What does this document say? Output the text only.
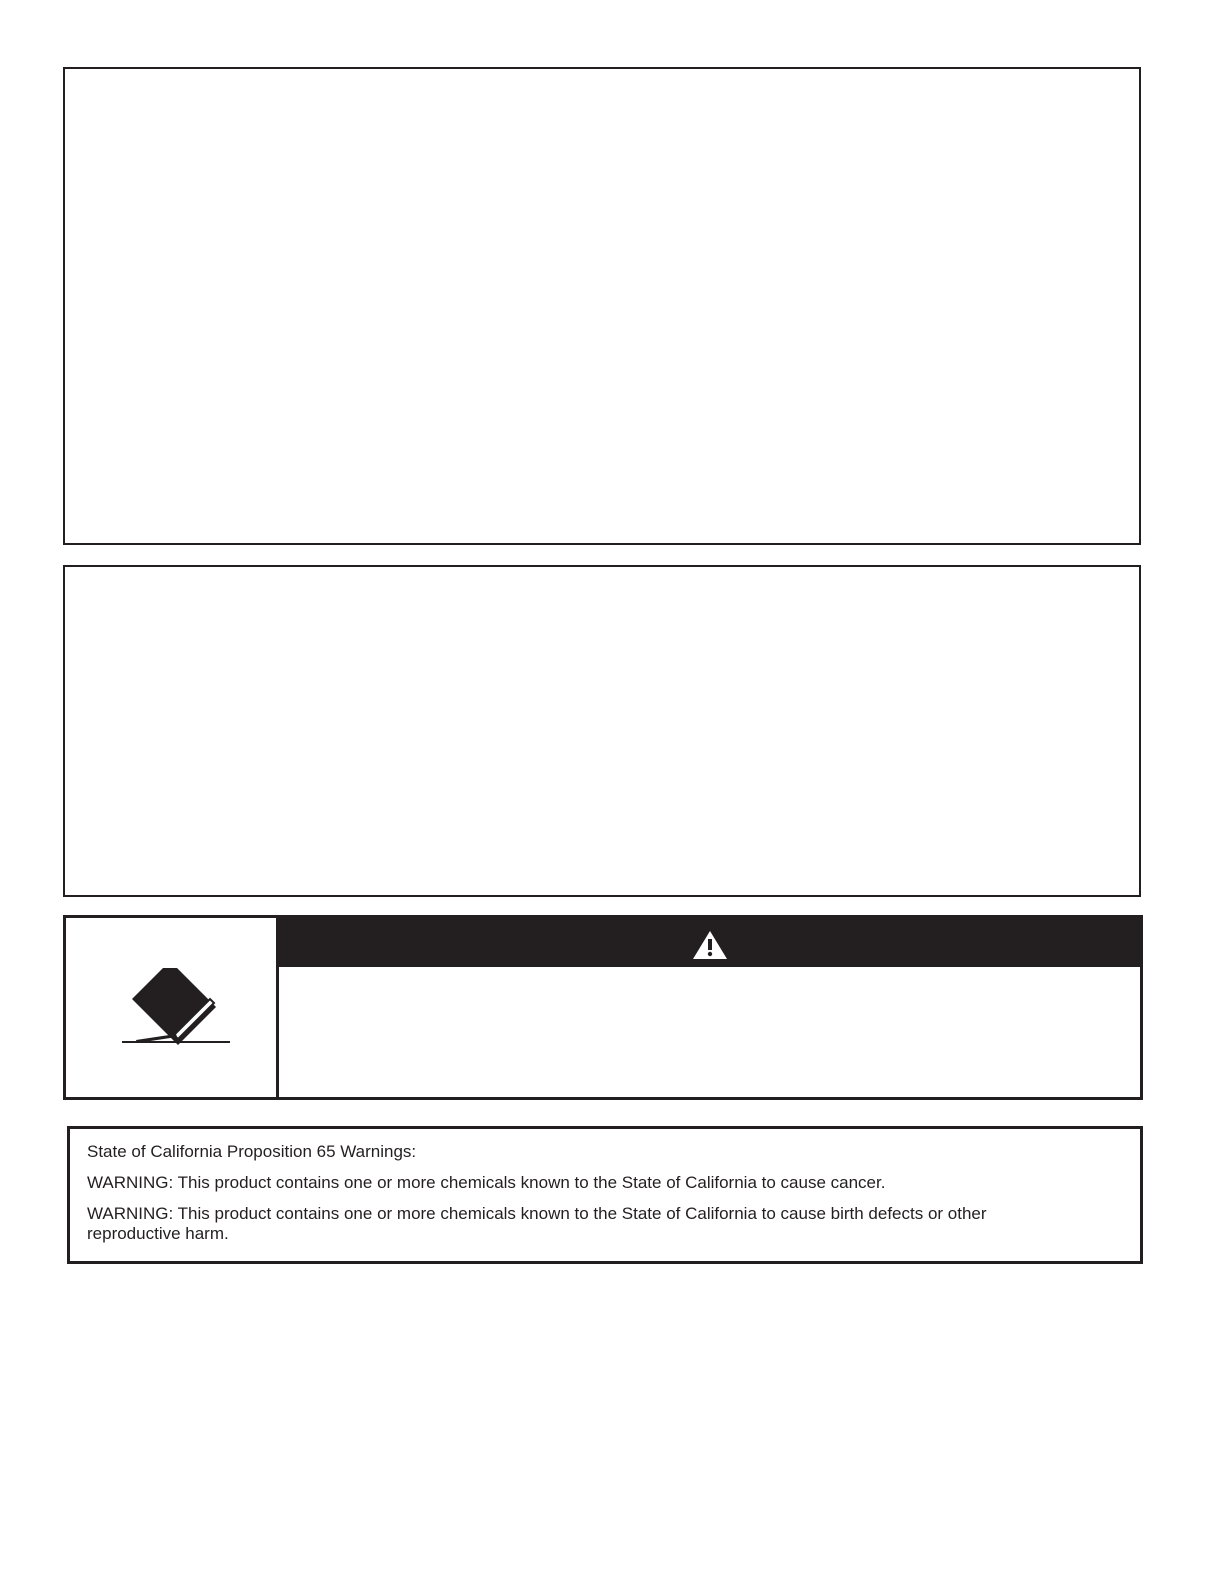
State of California Proposition 65 Warnings:

WARNING: This product contains one or more chemicals known to the State of California to cause cancer.

WARNING: This product contains one or more chemicals known to the State of California to cause birth defects or other reproductive harm.
